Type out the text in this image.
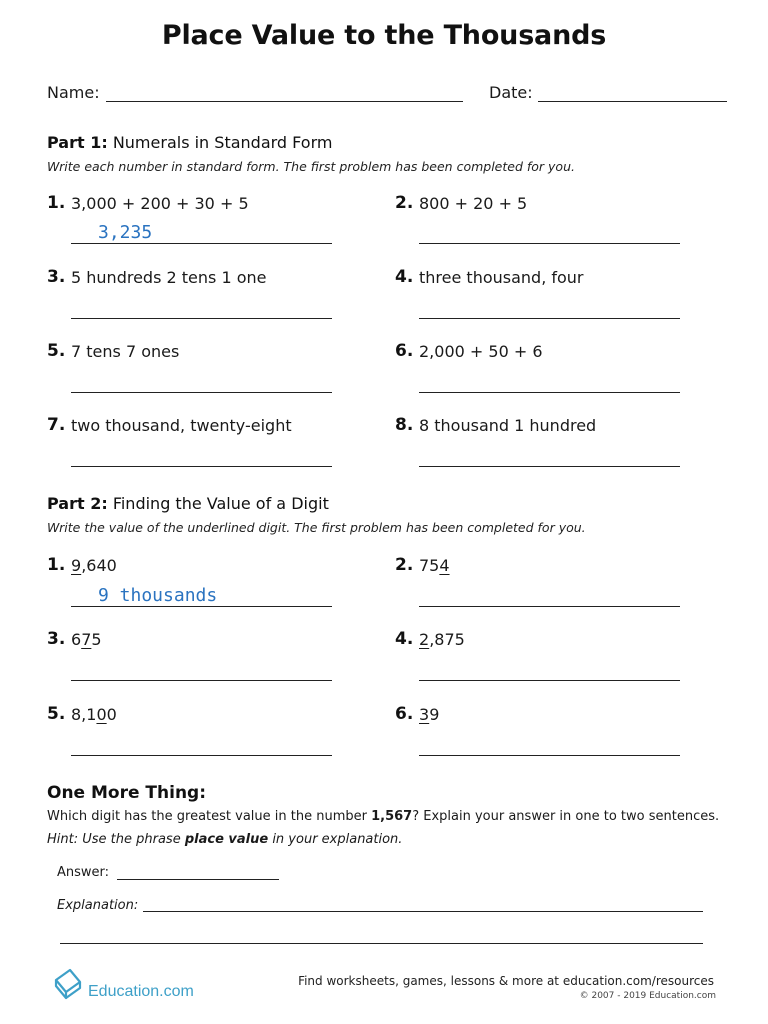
Place Value to the Thousands
Name:	Date:
Part 1: Numerals in Standard Form
Write each number in standard form. The first problem has been completed for you.
1. 3,000 + 200 + 30 + 5
3,235
2. 800 + 20 + 5
3. 5 hundreds 2 tens 1 one	4. three thousand, four
5. 7 tens 7 ones	6. 2,000 + 50 + 6
7. two thousand, twenty-eight	8. 8 thousand 1 hundred
Part 2: Finding the Value of a Digit
Write the value of the underlined digit. The first problem has been completed for you.
1. 9,640
9 thousands
2. 754
3. 675	4. 2,875
5. 8,100	6. 39
One More Thing:
Which digit has the greatest value in the number 1,567? Explain your answer in one to two sentences.
Hint: Use the phrase place value in your explanation.
Answer:
Explanation:
Education.com
Find worksheets, games, lessons & more at education.com/resources
© 2007 - 2019 Education.com
